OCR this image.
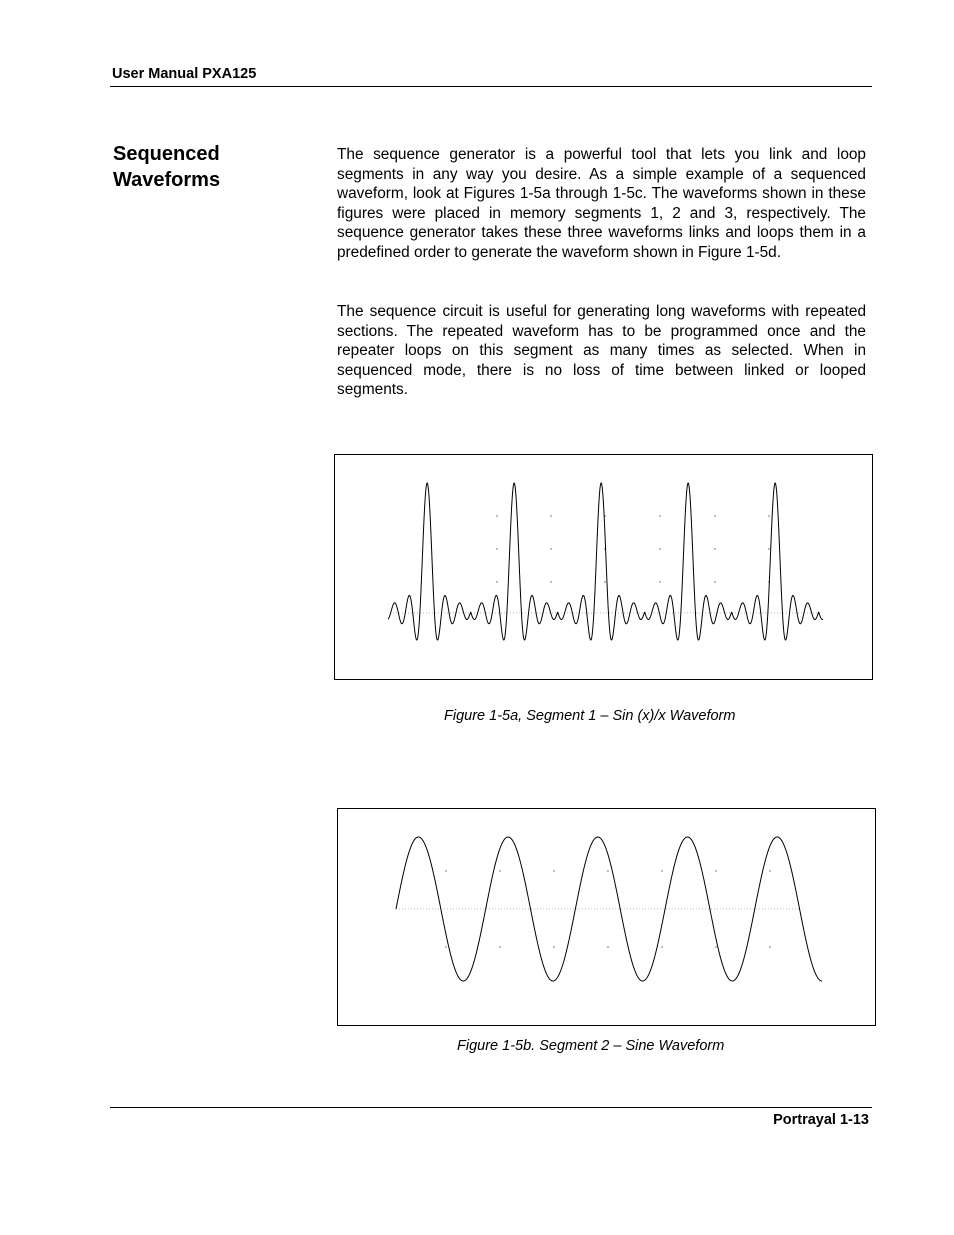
User Manual PXA125
Sequenced
Waveforms

The sequence generator is a powerful tool that lets you link and loop segments in any way you desire. As a simple example of a sequenced waveform, look at Figures 1-5a through 1-5c. The waveforms shown in these figures were placed in memory segments 1, 2 and 3, respectively. The sequence generator takes these three waveforms links and loops them in a predefined order to generate the waveform shown in Figure 1-5d.

The sequence circuit is useful for generating long waveforms with repeated sections. The repeated waveform has to be programmed once and the repeater loops on this segment as many times as selected. When in sequenced mode, there is no loss of time between linked or looped segments.

Figure 1-5a, Segment 1 – Sin (x)/x Waveform
Figure 1-5b. Segment 2 – Sine Waveform
Portrayal 1-13
